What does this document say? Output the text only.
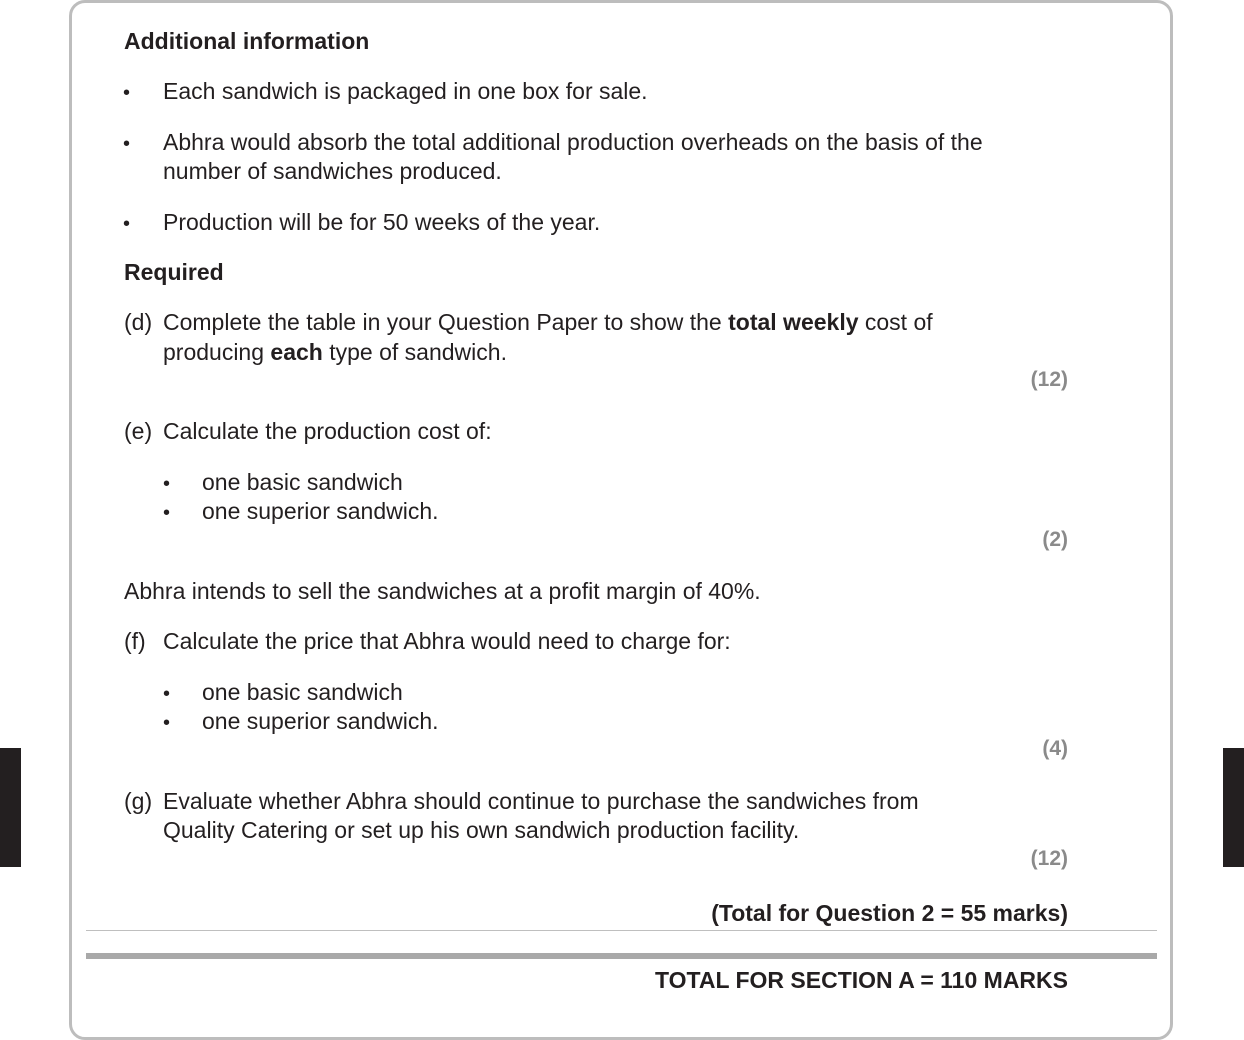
Additional information
• Each sandwich is packaged in one box for sale.
• Abhra would absorb the total additional production overheads on the basis of the
number of sandwiches produced.
• Production will be for 50 weeks of the year.
Required
(d) Complete the table in your Question Paper to show the total weekly cost of
producing each type of sandwich.
(12)
(e) Calculate the production cost of:
• one basic sandwich
• one superior sandwich.
(2)
Abhra intends to sell the sandwiches at a profit margin of 40%.
(f) Calculate the price that Abhra would need to charge for:
• one basic sandwich
• one superior sandwich.
(4)
(g) Evaluate whether Abhra should continue to purchase the sandwiches from
Quality Catering or set up his own sandwich production facility.
(12)
(Total for Question 2 = 55 marks)
TOTAL FOR SECTION A = 110 MARKS
